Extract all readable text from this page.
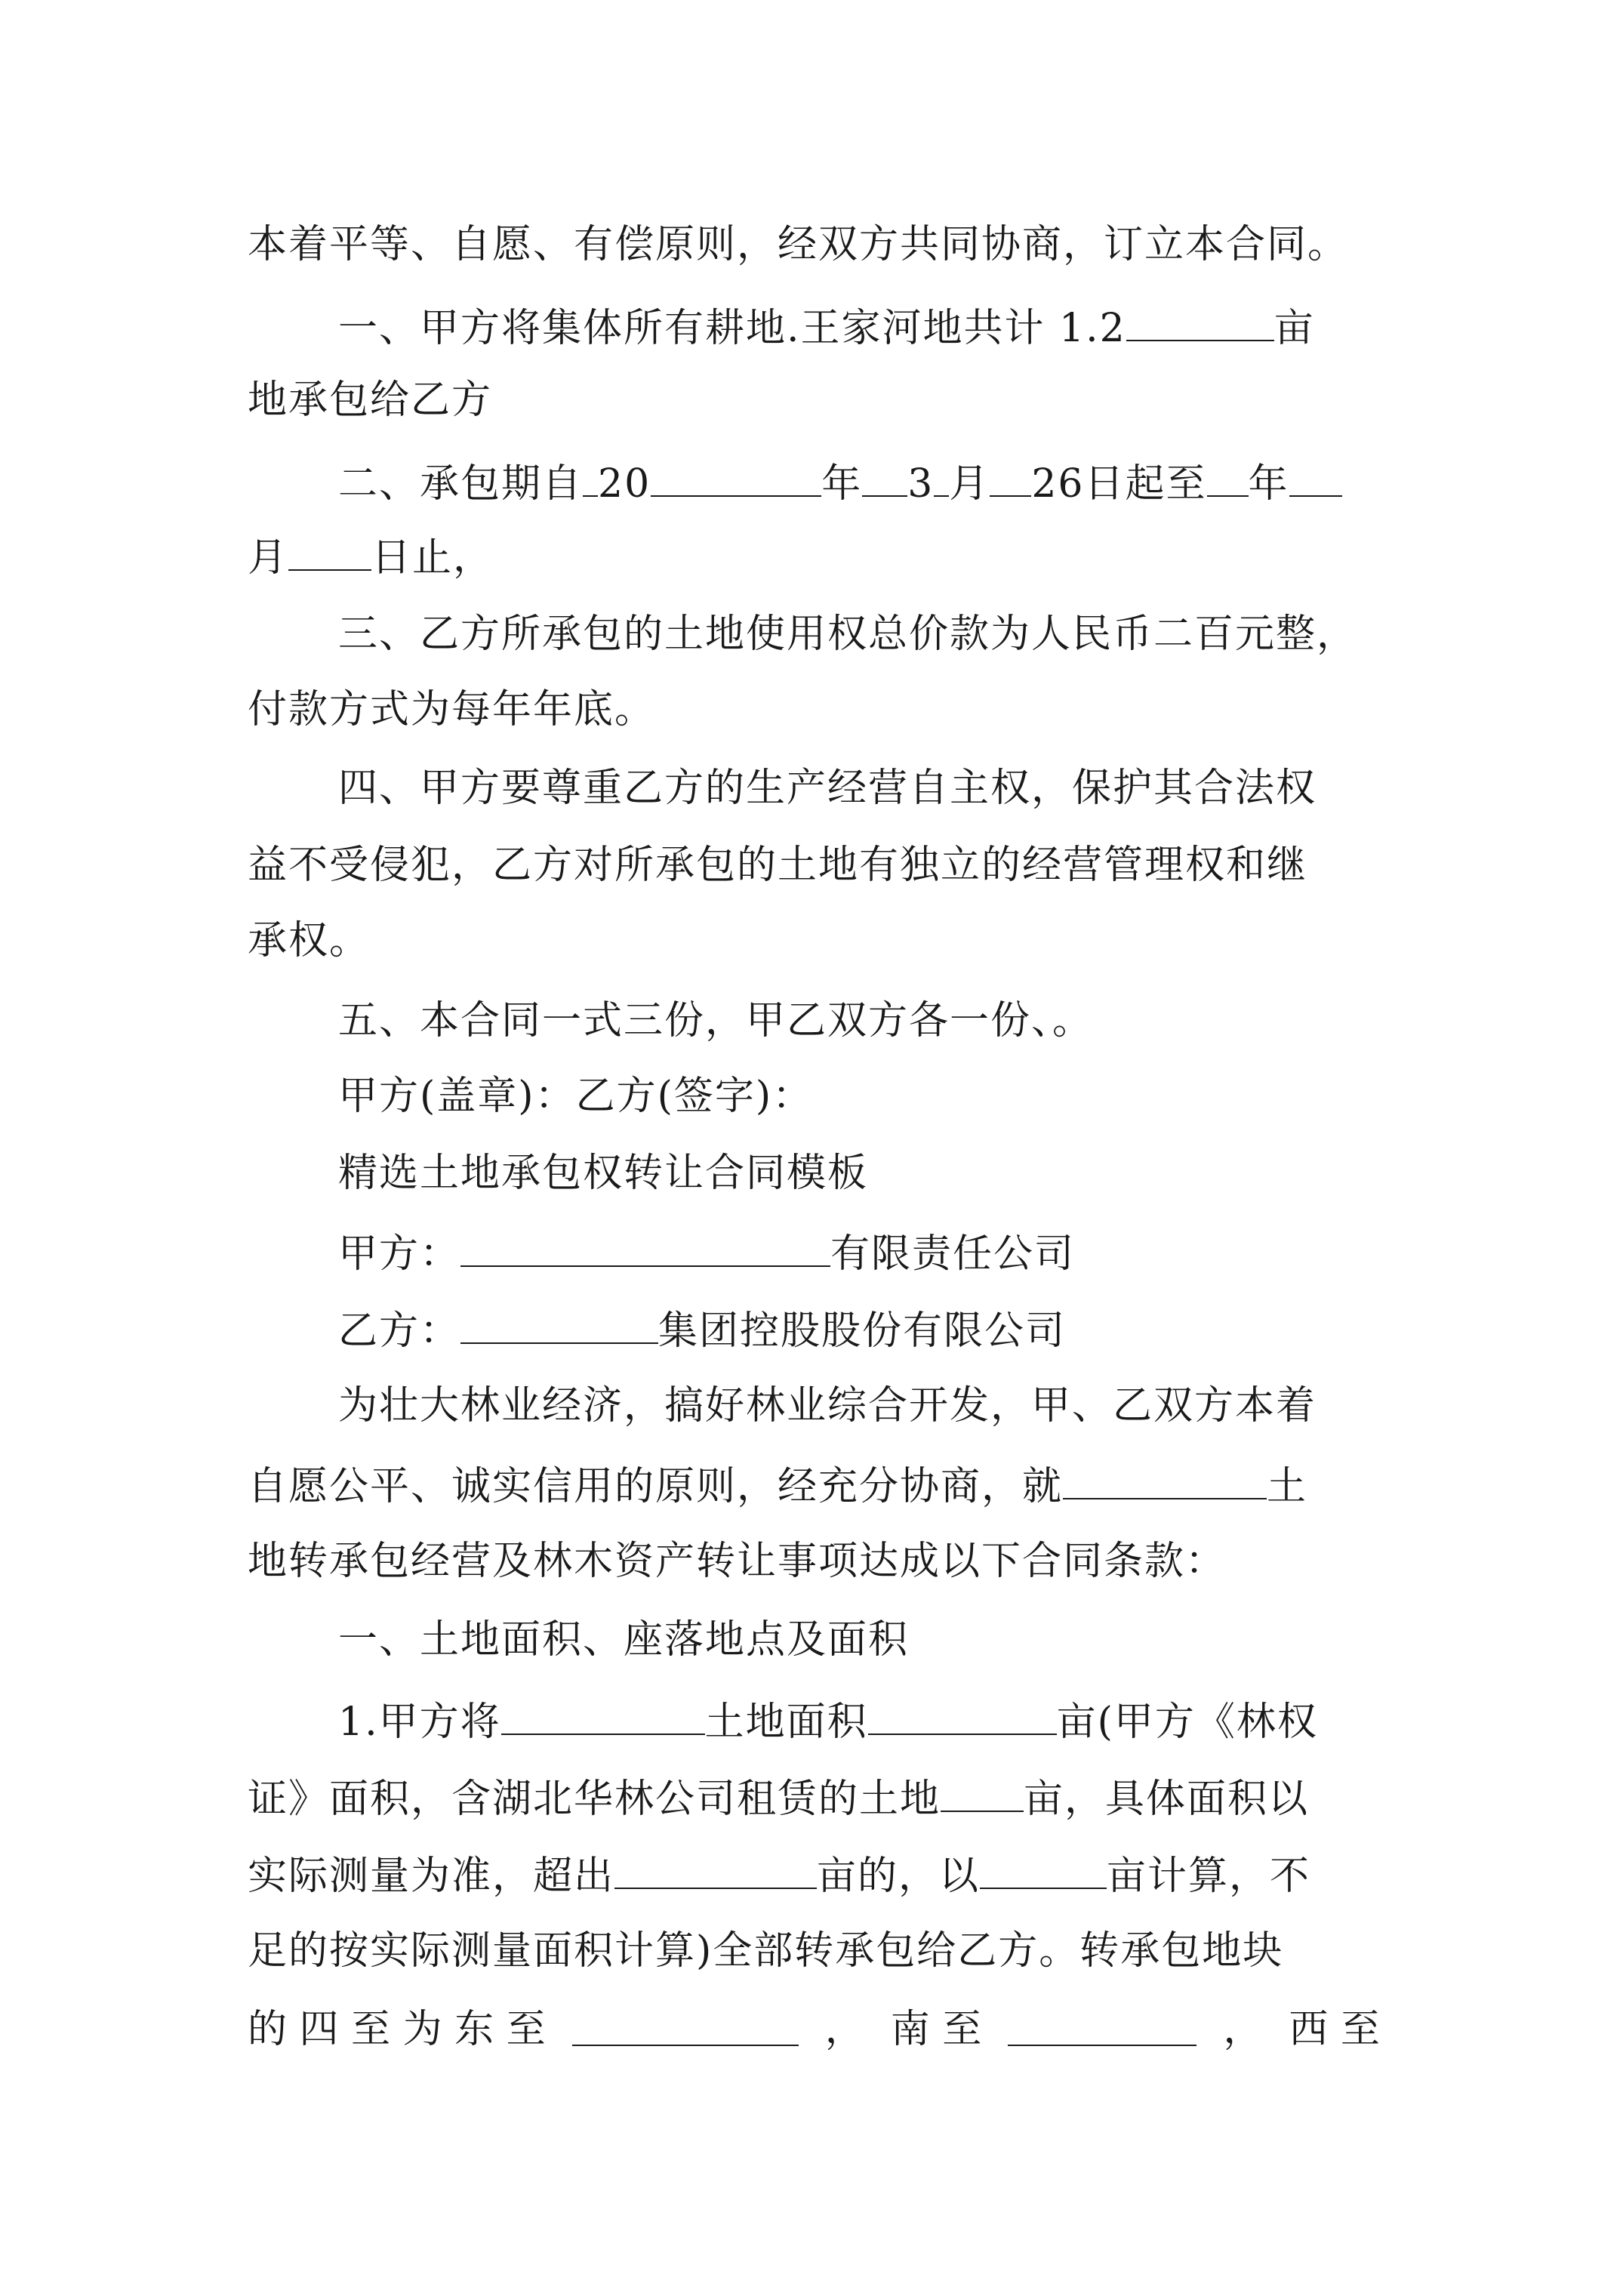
本着平等、自愿、有偿原则，经双方共同协商，订立本合同。
一、甲方将集体所有耕地.王家河地共计 1.2	亩
地承包给乙方
二、承包期自 20	年 3 月 26日起至 年
月 日止，
三、乙方所承包的土地使用权总价款为人民币二百元整，
付款方式为每年年底。
四、甲方要尊重乙方的生产经营自主权，保护其合法权
益不受侵犯，乙方对所承包的土地有独立的经营管理权和继
承权。
五、本合同一式三份，甲乙双方各一份、。
甲方(盖章)：乙方(签字)：
精选土地承包权转让合同模板
甲方：	有限责任公司
乙方：	集团控股股份有限公司
为壮大林业经济，搞好林业综合开发，甲、乙双方本着
自愿公平、诚实信用的原则，经充分协商，就	土
地转承包经营及林木资产转让事项达成以下合同条款：
一、土地面积、座落地点及面积
1.甲方将	土地面积	亩(甲方《林权
证》面积，含湖北华林公司租赁的土地 亩，具体面积以
实际测量为准，超出	亩的，以	亩计算，不
足的按实际测量面积计算)全部转承包给乙方。转承包地块
的 四 至 为 东 至	， 南 至	， 西 至
